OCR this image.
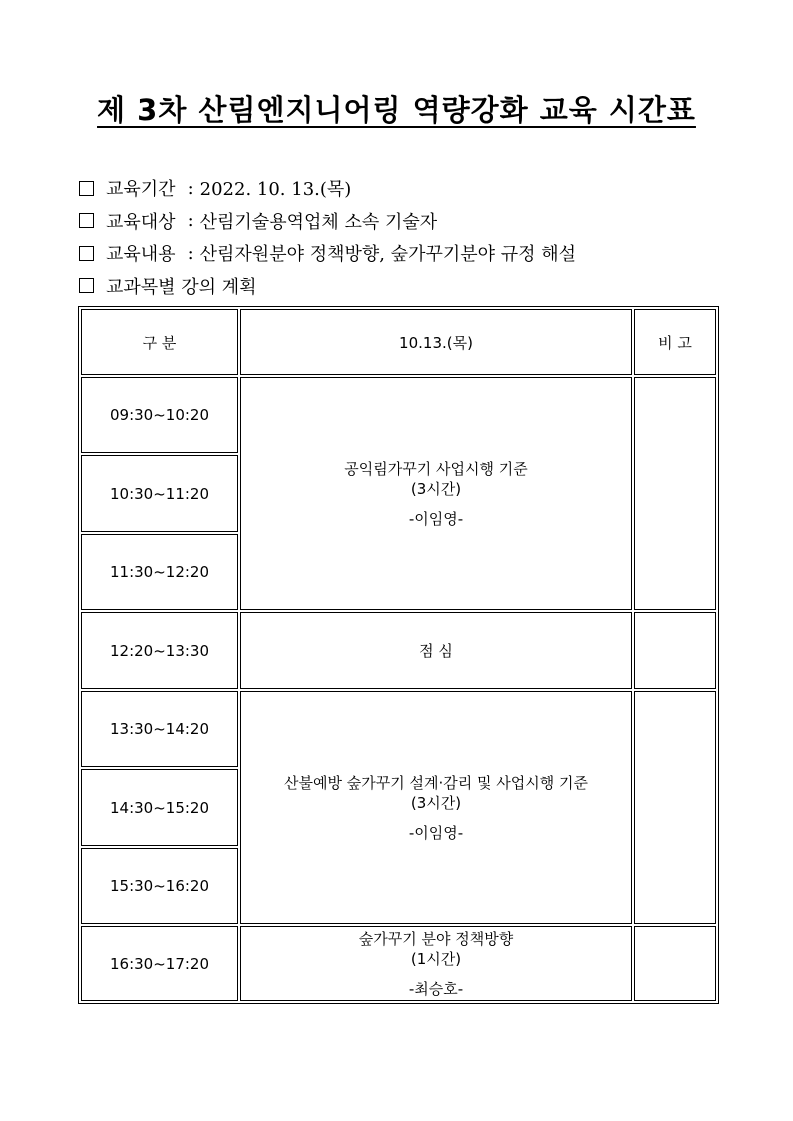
제 3차 산림엔지니어링 역량강화 교육 시간표
교육기간 : 2022. 10. 13.(목)
교육대상 : 산림기술용역업체 소속 기술자
교육내용 : 산림자원분야 정책방향, 숲가꾸기분야 규정 해설
교과목별 강의 계획
구 분	10.13.(목)	비 고
09:30~10:20
10:30~11:20
11:30~12:20
12:20~13:30
13:30~14:20
14:30~15:20
15:30~16:20
16:30~17:20
공익림가꾸기 사업시행 기준
(3시간)
-이임영-
점 심
산불예방 숲가꾸기 설계·감리 및 사업시행 기준
(3시간)
-이임영-
숲가꾸기 분야 정책방향
(1시간)
-최승호-
